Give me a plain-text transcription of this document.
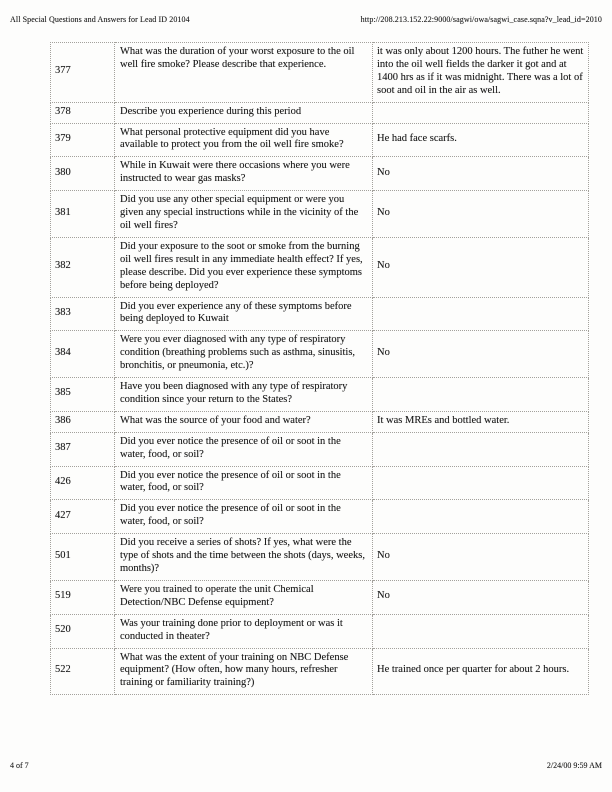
All Special Questions and Answers for Lead ID 20104	http://208.213.152.22:9000/sagwi/owa/sagwi_case.sqna?v_lead_id=2010
377	What was the duration of your worst exposure to the oil well fire smoke? Please describe that experience.	it was only about 1200 hours. The futher he went into the oil well fields the darker it got and at 1400 hrs as if it was midnight. There was a lot of soot and oil in the air as well.
378	Describe you experience during this period	
379	What personal protective equipment did you have available to protect you from the oil well fire smoke?	He had face scarfs.
380	While in Kuwait were there occasions where you were instructed to wear gas masks?	No
381	Did you use any other special equipment or were you given any special instructions while in the vicinity of the oil well fires?	No
382	Did your exposure to the soot or smoke from the burning oil well fires result in any immediate health effect? If yes, please describe. Did you ever experience these symptoms before being deployed?	No
383	Did you ever experience any of these symptoms before being deployed to Kuwait	
384	Were you ever diagnosed with any type of respiratory condition (breathing problems such as asthma, sinusitis, bronchitis, or pneumonia, etc.)?	No
385	Have you been diagnosed with any type of respiratory condition since your return to the States?	
386	What was the source of your food and water?	It was MREs and bottled water.
387	Did you ever notice the presence of oil or soot in the water, food, or soil?	
426	Did you ever notice the presence of oil or soot in the water, food, or soil?	
427	Did you ever notice the presence of oil or soot in the water, food, or soil?	
501	Did you receive a series of shots? If yes, what were the type of shots and the time between the shots (days, weeks, months)?	No
519	Were you trained to operate the unit Chemical Detection/NBC Defense equipment?	No
520	Was your training done prior to deployment or was it conducted in theater?	
522	What was the extent of your training on NBC Defense equipment? (How often, how many hours, refresher training or familiarity training?)	He trained once per quarter for about 2 hours.
4 of 7	2/24/00 9:59 AM
